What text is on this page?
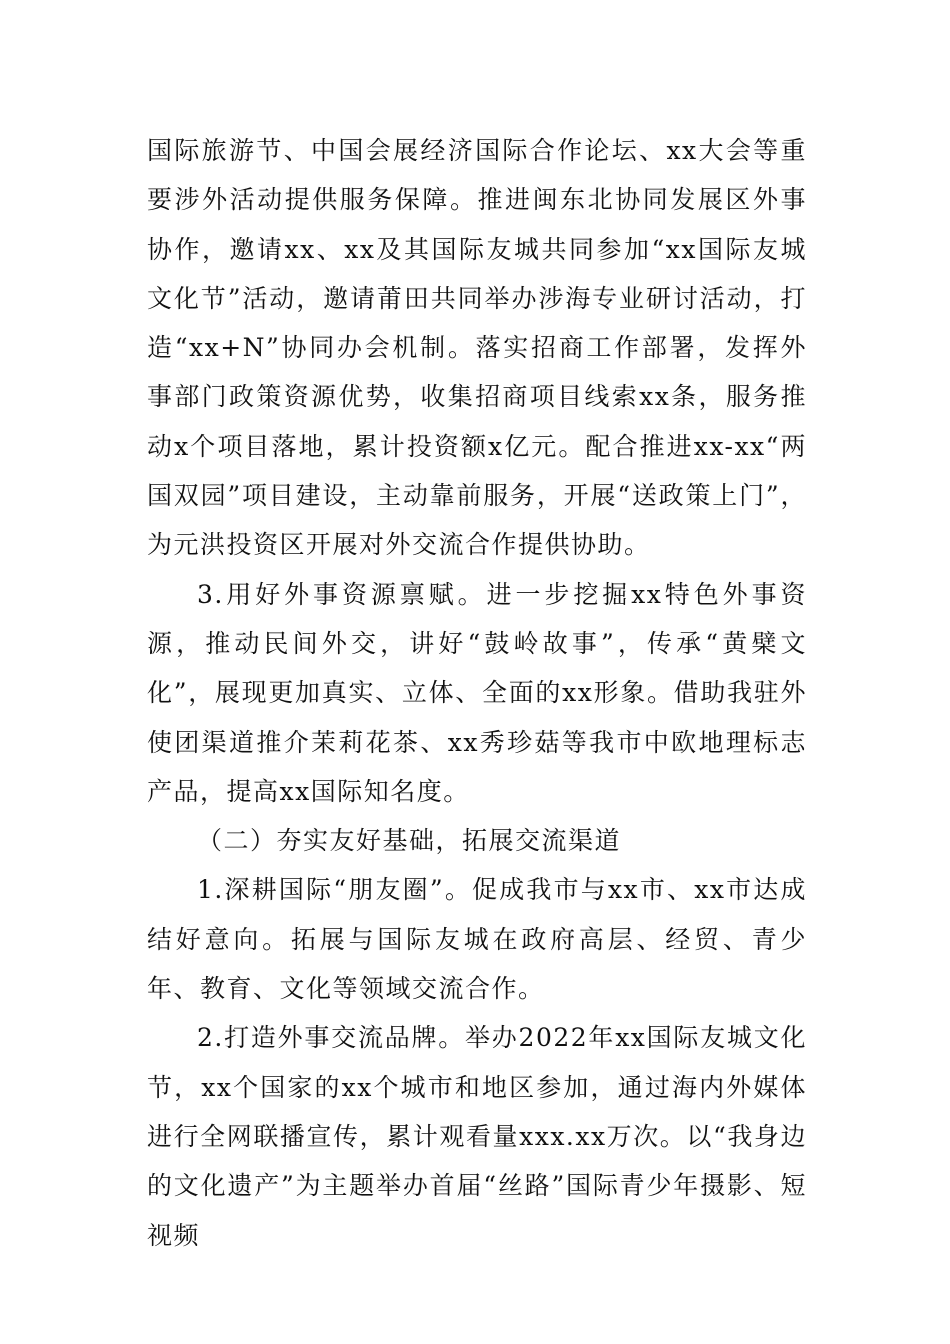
国际旅游节、中国会展经济国际合作论坛、xx大会等重要涉外活动提供服务保障。推进闽东北协同发展区外事协作，邀请xx、xx及其国际友城共同参加“xx国际友城文化节”活动，邀请莆田共同举办涉海专业研讨活动，打造“xx+N”协同办会机制。落实招商工作部署，发挥外事部门政策资源优势，收集招商项目线索xx条，服务推动x个项目落地，累计投资额x亿元。配合推进xx-xx“两国双园”项目建设，主动靠前服务，开展“送政策上门”，为元洪投资区开展对外交流合作提供协助。

3.用好外事资源禀赋。进一步挖掘xx特色外事资源，推动民间外交，讲好“鼓岭故事”，传承“黄檗文化”，展现更加真实、立体、全面的xx形象。借助我驻外使团渠道推介茉莉花茶、xx秀珍菇等我市中欧地理标志产品，提高xx国际知名度。

（二）夯实友好基础，拓展交流渠道

1.深耕国际“朋友圈”。促成我市与xx市、xx市达成结好意向。拓展与国际友城在政府高层、经贸、青少年、教育、文化等领域交流合作。

2.打造外事交流品牌。举办2022年xx国际友城文化节，xx个国家的xx个城市和地区参加，通过海内外媒体进行全网联播宣传，累计观看量xxx.xx万次。以“我身边的文化遗产”为主题举办首届“丝路”国际青少年摄影、短视频
